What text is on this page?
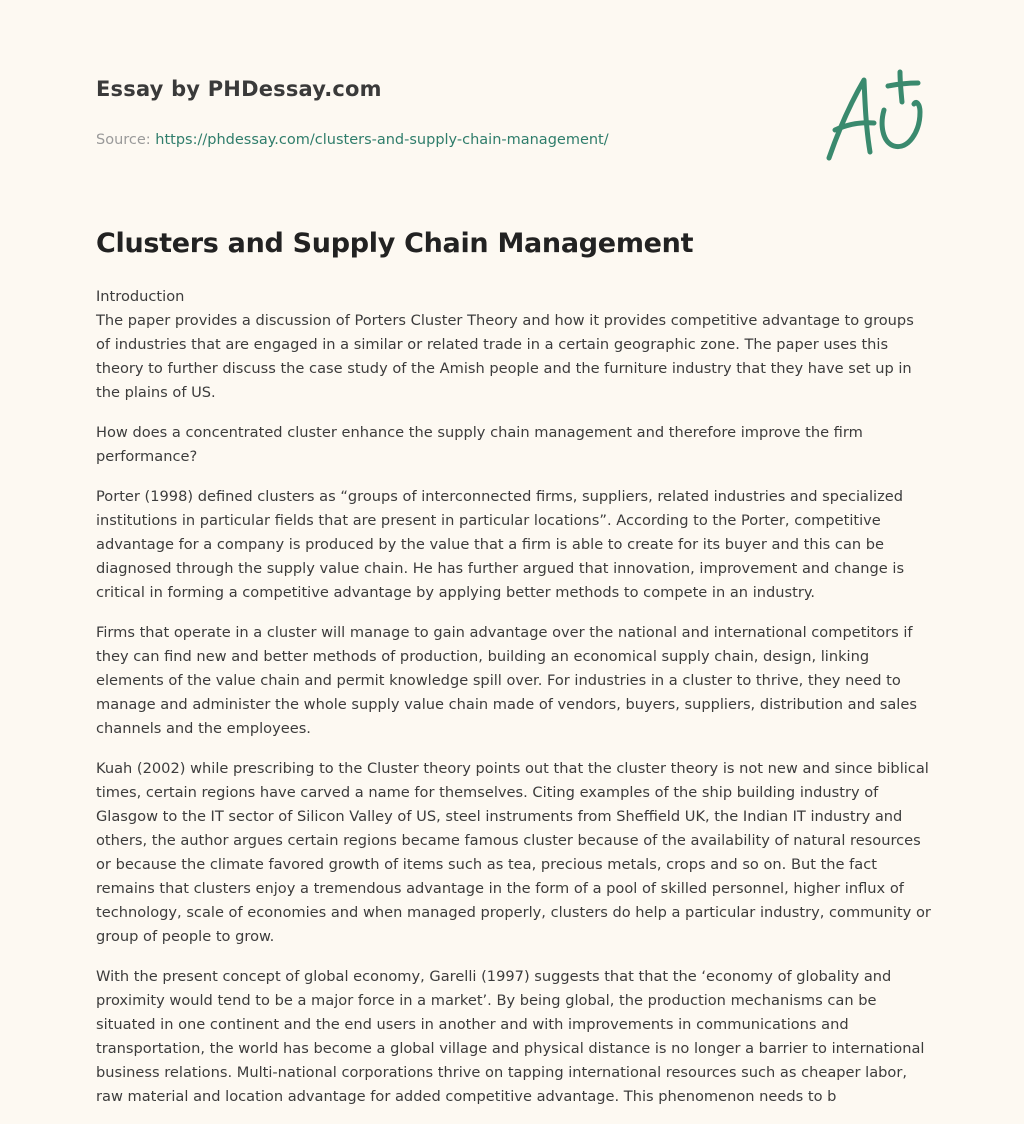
Essay by PHDessay.com
Source: https://phdessay.com/clusters-and-supply-chain-management/
Clusters and Supply Chain Management

Introduction

The paper provides a discussion of Porters Cluster Theory and how it provides competitive advantage to groups of industries that are engaged in a similar or related trade in a certain geographic zone. The paper uses this theory to further discuss the case study of the Amish people and the furniture industry that they have set up in the plains of US.

How does a concentrated cluster enhance the supply chain management and therefore improve the firm performance?

Porter (1998) defined clusters as “groups of interconnected firms, suppliers, related industries and specialized institutions in particular fields that are present in particular locations”. According to the Porter, competitive advantage for a company is produced by the value that a firm is able to create for its buyer and this can be diagnosed through the supply value chain. He has further argued that innovation, improvement and change is critical in forming a competitive advantage by applying better methods to compete in an industry.

Firms that operate in a cluster will manage to gain advantage over the national and international competitors if they can find new and better methods of production, building an economical supply chain, design, linking elements of the value chain and permit knowledge spill over. For industries in a cluster to thrive, they need to manage and administer the whole supply value chain made of vendors, buyers, suppliers, distribution and sales channels and the employees.

Kuah (2002) while prescribing to the Cluster theory points out that the cluster theory is not new and since biblical times, certain regions have carved a name for themselves. Citing examples of the ship building industry of Glasgow to the IT sector of Silicon Valley of US, steel instruments from Sheffield UK, the Indian IT industry and others, the author argues certain regions became famous cluster because of the availability of natural resources or because the climate favored growth of items such as tea, precious metals, crops and so on. But the fact remains that clusters enjoy a tremendous advantage in the form of a pool of skilled personnel, higher influx of technology, scale of economies and when managed properly, clusters do help a particular industry, community or group of people to grow.

With the present concept of global economy, Garelli (1997) suggests that that the ‘economy of globality and proximity would tend to be a major force in a market’. By being global, the production mechanisms can be situated in one continent and the end users in another and with improvements in communications and transportation, the world has become a global village and physical distance is no longer a barrier to international business relations. Multi-national corporations thrive on tapping international resources such as cheaper labor, raw material and location advantage for added competitive advantage. This phenomenon needs to b
